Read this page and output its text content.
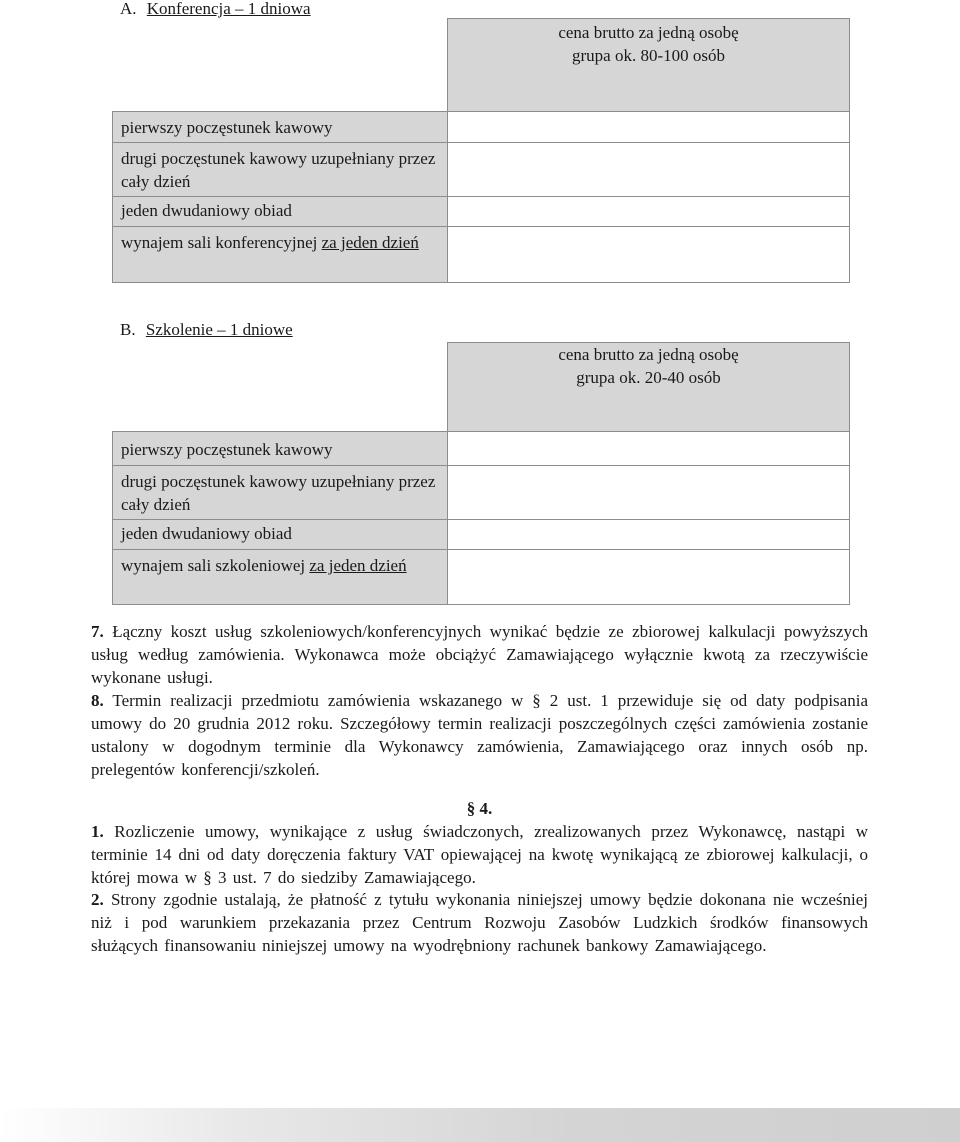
A. Konferencja – 1 dniowa

	cena brutto za jedną osobę
grupa ok. 80-100 osób

pierwszy poczęstunek kawowy	

drugi poczęstunek kawowy uzupełniany przez cały dzień	

jeden dwudaniowy obiad	

wynajem sali konferencyjnej za jeden dzień	

B. Szkolenie – 1 dniowe

	cena brutto za jedną osobę
grupa ok. 20-40 osób

pierwszy poczęstunek kawowy	

drugi poczęstunek kawowy uzupełniany przez cały dzień	

jeden dwudaniowy obiad	

wynajem sali szkoleniowej za jeden dzień	

7. Łączny koszt usług szkoleniowych/konferencyjnych wynikać będzie ze zbiorowej kalkulacji powyższych usług według zamówienia. Wykonawca może obciążyć Zamawiającego wyłącznie kwotą za rzeczywiście wykonane usługi.

8. Termin realizacji przedmiotu zamówienia wskazanego w § 2 ust. 1 przewiduje się od daty podpisania umowy do 20 grudnia 2012 roku. Szczegółowy termin realizacji poszczególnych części zamówienia zostanie ustalony w dogodnym terminie dla Wykonawcy zamówienia, Zamawiającego oraz innych osób np. prelegentów konferencji/szkoleń.

§ 4.

1. Rozliczenie umowy, wynikające z usług świadczonych, zrealizowanych przez Wykonawcę, nastąpi w terminie 14 dni od daty doręczenia faktury VAT opiewającej na kwotę wynikającą ze zbiorowej kalkulacji, o której mowa w § 3 ust. 7 do siedziby Zamawiającego.

2. Strony zgodnie ustalają, że płatność z tytułu wykonania niniejszej umowy będzie dokonana nie wcześniej niż i pod warunkiem przekazania przez Centrum Rozwoju Zasobów Ludzkich środków finansowych służących finansowaniu niniejszej umowy na wyodrębniony rachunek bankowy Zamawiającego.
